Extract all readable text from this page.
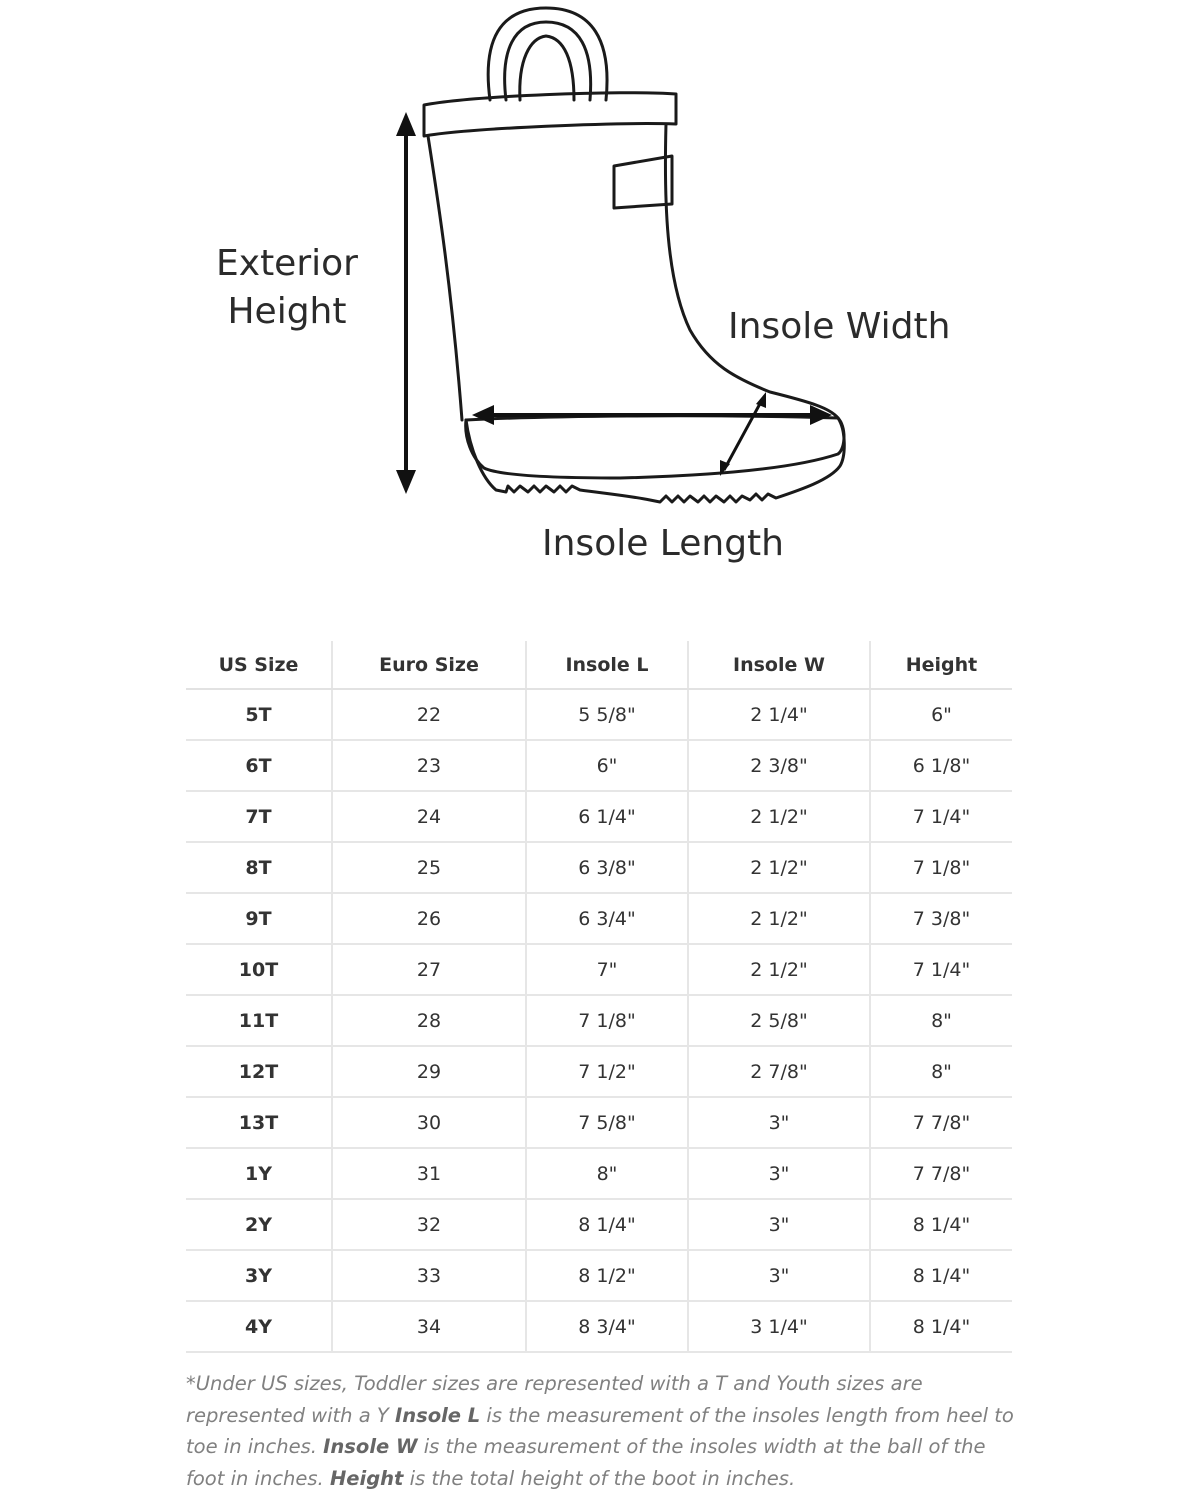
Exterior
Height	Insole Width
Insole Length
US Size	Euro Size	Insole L	Insole W	Height
5T	22	5 5/8"	2 1/4"	6"
6T	23	6"	2 3/8"	6 1/8"
7T	24	6 1/4"	2 1/2"	7 1/4"
8T	25	6 3/8"	2 1/2"	7 1/8"
9T	26	6 3/4"	2 1/2"	7 3/8"
10T	27	7"	2 1/2"	7 1/4"
11T	28	7 1/8"	2 5/8"	8"
12T	29	7 1/2"	2 7/8"	8"
13T	30	7 5/8"	3"	7 7/8"
1Y	31	8"	3"	7 7/8"
2Y	32	8 1/4"	3"	8 1/4"
3Y	33	8 1/2"	3"	8 1/4"
4Y	34	8 3/4"	3 1/4"	8 1/4"
*Under US sizes, Toddler sizes are represented with a T and Youth sizes are represented with a Y Insole L is the measurement of the insoles length from heel to toe in inches. Insole W is the measurement of the insoles width at the ball of the foot in inches. Height is the total height of the boot in inches.
